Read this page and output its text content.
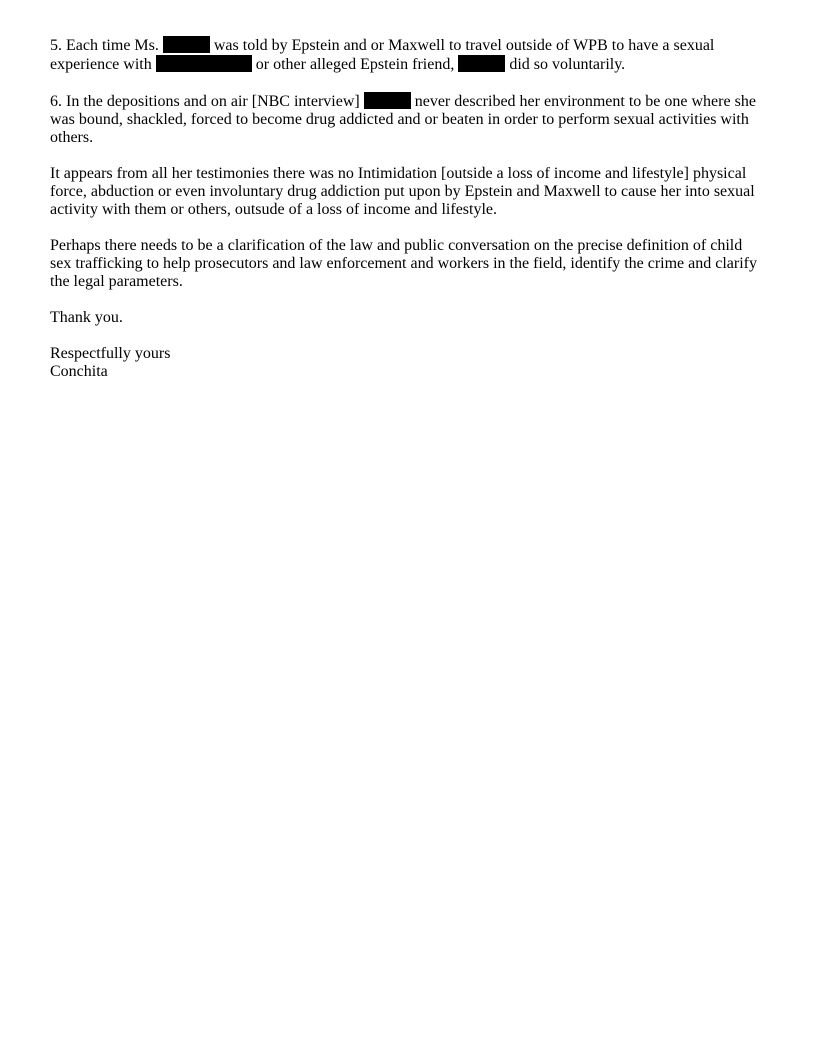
5. Each time Ms.	was told by Epstein and or Maxwell to travel outside of WPB to have a sexual experience with	or other alleged Epstein friend,	did so voluntarily.

6. In the depositions and on air [NBC interview]	never described her environment to be one where she was bound, shackled, forced to become drug addicted and or beaten in order to perform sexual activities with others.

It appears from all her testimonies there was no Intimidation [outside a loss of income and lifestyle] physical force, abduction or even involuntary drug addiction put upon by Epstein and Maxwell to cause her into sexual activity with them or others, outsude of a loss of income and lifestyle.

Perhaps there needs to be a clarification of the law and public conversation on the precise definition of child sex trafficking to help prosecutors and law enforcement and workers in the field, identify the crime and clarify the legal parameters.

Thank you.

Respectfully yours

Conchita
